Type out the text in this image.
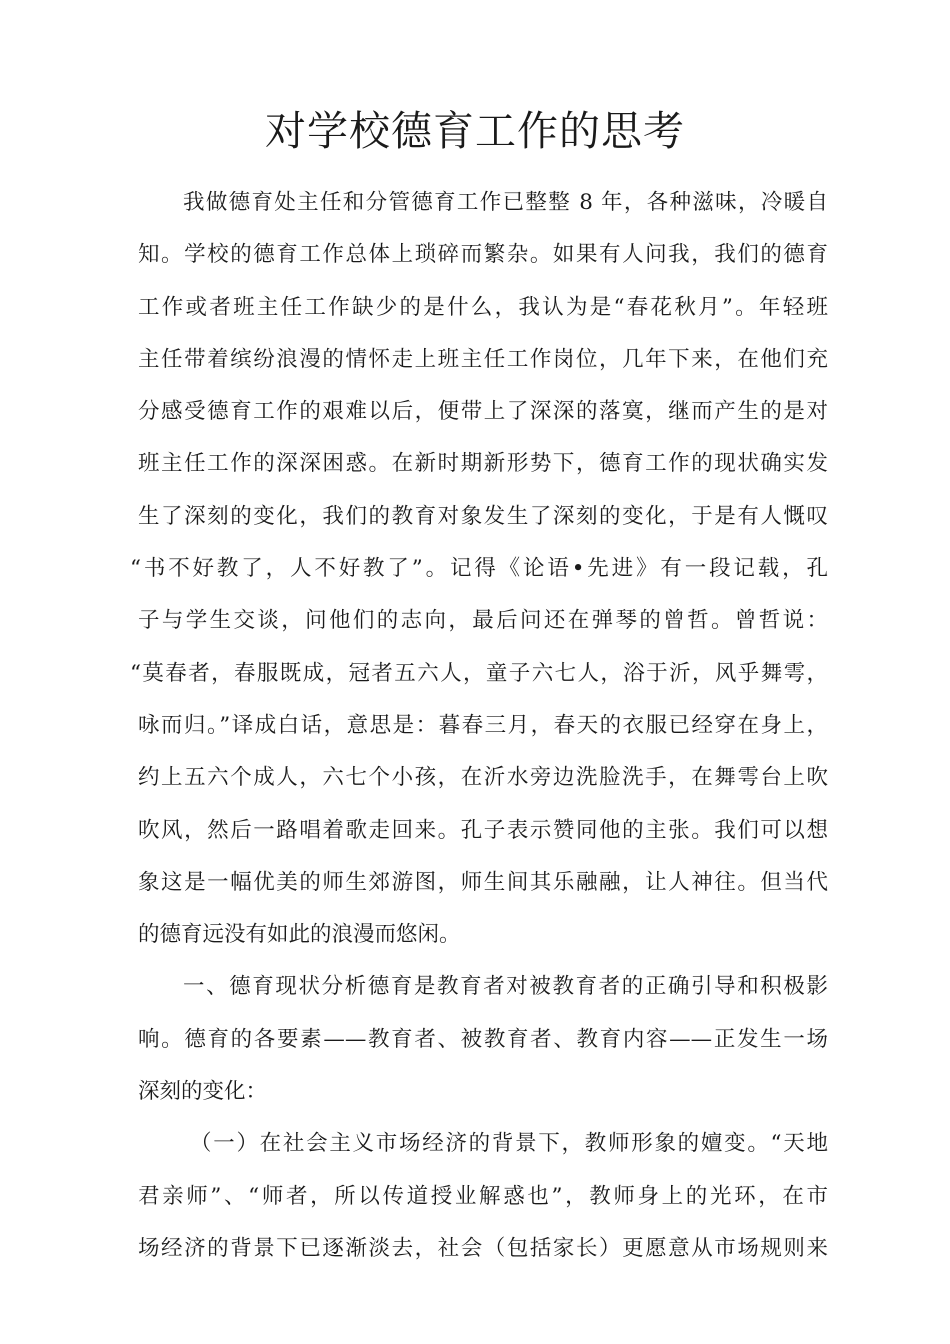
对学校德育工作的思考
我做德育处主任和分管德育工作已整整 8 年，各种滋味，冷暖自
知。学校的德育工作总体上琐碎而繁杂。如果有人问我，我们的德育
工作或者班主任工作缺少的是什么，我认为是“春花秋月”。年轻班
主任带着缤纷浪漫的情怀走上班主任工作岗位，几年下来，在他们充
分感受德育工作的艰难以后，便带上了深深的落寞，继而产生的是对
班主任工作的深深困惑。在新时期新形势下，德育工作的现状确实发
生了深刻的变化，我们的教育对象发生了深刻的变化，于是有人慨叹
“书不好教了，人不好教了”。记得《论语•先进》有一段记载，孔
子与学生交谈，问他们的志向，最后问还在弹琴的曾哲。曾哲说：
“莫春者，春服既成，冠者五六人，童子六七人，浴于沂，风乎舞雩，
咏而归。”译成白话，意思是：暮春三月，春天的衣服已经穿在身上，
约上五六个成人，六七个小孩，在沂水旁边洗脸洗手，在舞雩台上吹
吹风，然后一路唱着歌走回来。孔子表示赞同他的主张。我们可以想
象这是一幅优美的师生郊游图，师生间其乐融融，让人神往。但当代
的德育远没有如此的浪漫而悠闲。
一、德育现状分析德育是教育者对被教育者的正确引导和积极影
响。德育的各要素——教育者、被教育者、教育内容——正发生一场
深刻的变化：
（一）在社会主义市场经济的背景下，教师形象的嬗变。“天地
君亲师”、“师者，所以传道授业解惑也”，教师身上的光环，在市
场经济的背景下已逐渐淡去，社会（包括家长）更愿意从市场规则来
